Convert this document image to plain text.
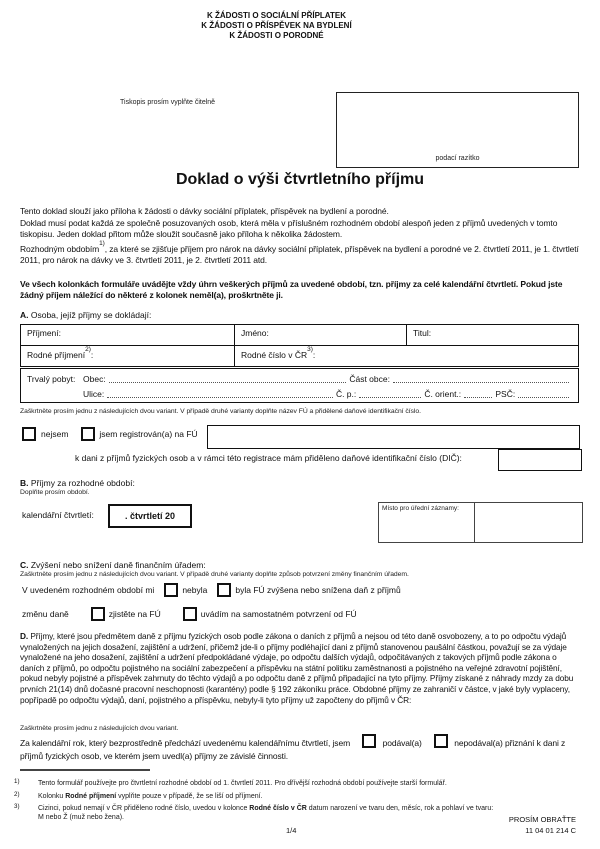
K ŽÁDOSTI O SOCIÁLNÍ PŘÍPLATEK
K ŽÁDOSTI O PŘÍSPĚVEK NA BYDLENÍ
K ŽÁDOSTI O PORODNÉ
Tiskopis prosím vyplňte čitelně
podací razítko
Doklad o výši čtvrtletního příjmu

Tento doklad slouží jako příloha k žádosti o dávky sociální příplatek, příspěvek na bydlení a porodné.

Doklad musí podat každá ze společně posuzovaných osob, která měla v příslušném rozhodném období alespoň jeden z příjmů uvedených v tomto tiskopisu. Jeden doklad přitom může sloužit současně jako příloha k několika žádostem.

Rozhodným obdobím$^{1)}$, za které se zjišťuje příjem pro nárok na dávky sociální příplatek, příspěvek na bydlení a porodné ve 2. čtvrtletí 2011, je 1. čtvrtletí 2011, pro nárok na dávky ve 3. čtvrtletí 2011, je 2. čtvrtletí 2011 atd.

Ve všech kolonkách formuláře uvádějte vždy úhrn veškerých příjmů za uvedené období, tzn. příjmy za celé kalendářní čtvrtletí. Pokud jste žádný příjem náležící do některé z kolonek neměl(a), proškrtněte ji.

A. Osoba, jejíž příjmy se dokládají:
Příjmení:	Jméno:	Titul:
Rodné příjmení$^{2)}$:	Rodné číslo v ČR$^{3)}$:
Trvalý pobyt: Obec:	Část obce:
Ulice:	Č. p.:	Č. orient.:	PSČ:
Zaškrtněte prosím jednu z následujících dvou variant. V případě druhé varianty doplňte název FÚ a přidělené daňové identifikační číslo.
nejsem	jsem registrován(a) na FÚ
k dani z příjmů fyzických osob a v rámci této registrace mám přiděleno daňové identifikační číslo (DIČ):
B. Příjmy za rozhodné období:
Doplňte prosím období.
kalendářní čtvrtletí:	. čtvrtletí 20
Místo pro úřední záznamy:
C. Zvýšení nebo snížení daně finančním úřadem:
Zaškrtněte prosím jednu z následujících dvou variant. V případě druhé varianty doplňte způsob potvrzení změny finančním úřadem.
V uvedeném rozhodném období mi	nebyla	byla FÚ zvýšena nebo snížena daň z příjmů
změnu daně	zjistěte na FÚ	uvádím na samostatném potvrzení od FÚ
D. Příjmy, které jsou předmětem daně z příjmu fyzických osob podle zákona o daních z příjmů a nejsou od této daně osvobozeny, a to po odpočtu výdajů vynaložených na jejich dosažení, zajištění a udržení, přičemž jde-li o příjmy podléhající dani z příjmů stanovenou paušální částkou, považují se za výdaje vynaložené na jeho dosažení, zajištění a udržení předpokládané výdaje, po odpočtu dalších výdajů, odpočitávaných z takových příjmů podle zákona o daních z příjmů, po odpočtu pojistného na sociální zabezpečení a příspěvku na státní politiku zaměstnanosti a pojistného na veřejné zdravotní pojištění, pokud nebyly pojistné a příspěvek zahrnuty do těchto výdajů a po odpočtu daně z příjmů připadající na tyto příjmy. Příjmy získané z náhrady mzdy za dobu prvních 21(14) dnů dočasné pracovní neschopnosti (karantény) podle § 192 zákoníku práce. Obdobné příjmy ze zahraničí v částce, v jaké byly vyplaceny, popřípadě po odpočtu výdajů, daní, pojistného a příspěvku, nebyly-li tyto příjmy už započteny do příjmů v ČR:
Zaškrtněte prosím jednu z následujících dvou variant.
Za kalendářní rok, který bezprostředně předchází uvedenému kalendářnímu čtvrtletí, jsem	podával(a)	nepodával(a) přiznání k dani z příjmů fyzických osob, ve kterém jsem uvedl(a) příjmy ze závislé činnosti.
1)	Tento formulář používejte pro čtvrtletní rozhodné období od 1. čtvrtletí 2011. Pro dřívější rozhodná období používejte starší formulář.
2)	Kolonku Rodné příjmení vyplňte pouze v případě, že se liší od příjmení.
3)	Cizinci, pokud nemají v ČR přiděleno rodné číslo, uvedou v kolonce Rodné číslo v ČR datum narození ve tvaru den, měsíc, rok a pohlaví ve tvaru:
M nebo Ž (muž nebo žena).
1/4
PROSÍM OBRAŤTE
11 04 01 214 C
